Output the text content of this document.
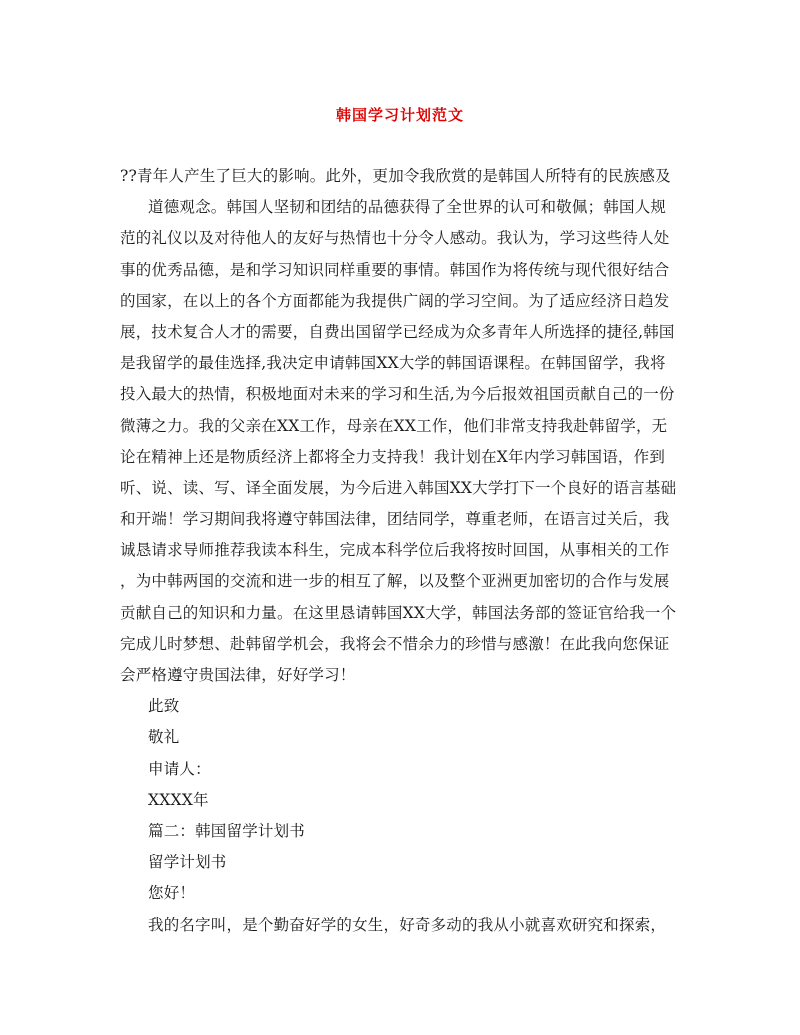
韩国学习计划范文
??青年人产生了巨大的影响。此外，更加令我欣赏的是韩国人所特有的民族感及
道德观念。韩国人坚韧和团结的品德获得了全世界的认可和敬佩；韩国人规
范的礼仪以及对待他人的友好与热情也十分令人感动。我认为，学习这些待人处
事的优秀品德，是和学习知识同样重要的事情。韩国作为将传统与现代很好结合
的国家，在以上的各个方面都能为我提供广阔的学习空间。为了适应经济日趋发
展，技术复合人才的需要，自费出国留学已经成为众多青年人所选择的捷径,韩国
是我留学的最佳选择,我决定申请韩国XX大学的韩国语课程。在韩国留学，我将
投入最大的热情，积极地面对未来的学习和生活,为今后报效祖国贡献自己的一份
微薄之力。我的父亲在XX工作，母亲在XX工作，他们非常支持我赴韩留学，无
论在精神上还是物质经济上都将全力支持我！我计划在X年内学习韩国语，作到
听、说、读、写、译全面发展，为今后进入韩国XX大学打下一个良好的语言基础
和开端！学习期间我将遵守韩国法律，团结同学，尊重老师，在语言过关后，我
诚恳请求导师推荐我读本科生，完成本科学位后我将按时回国，从事相关的工作
，为中韩两国的交流和进一步的相互了解，以及整个亚洲更加密切的合作与发展
贡献自己的知识和力量。在这里恳请韩国XX大学，韩国法务部的签证官给我一个
完成儿时梦想、赴韩留学机会，我将会不惜余力的珍惜与感激！在此我向您保证
会严格遵守贵国法律，好好学习！
此致
敬礼
申请人：
XXXX年
篇二：韩国留学计划书
留学计划书
您好！
我的名字叫，是个勤奋好学的女生，好奇多动的我从小就喜欢研究和探索，
